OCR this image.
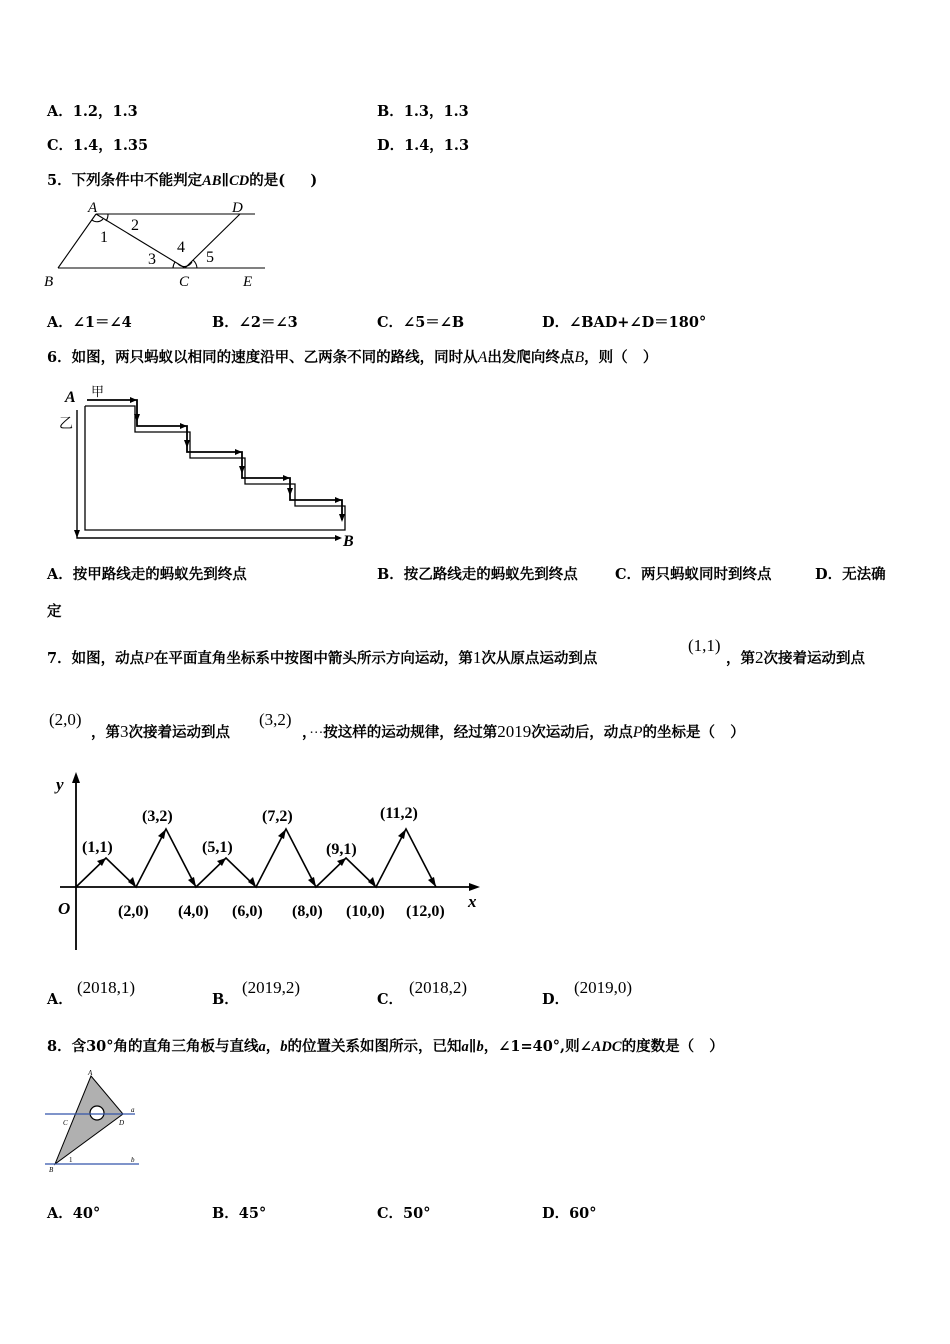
A．1.2，1.3	B．1.3，1.3
C．1.4，1.35	D．1.4，1.3
5．下列条件中不能判定AB∥CD的是( )
A	D
B	C	E
1
2
3
4
5
A．∠1＝∠4	B．∠2＝∠3	C．∠5＝∠B	D．∠BAD+∠D＝180°
6．如图，两只蚂蚁以相同的速度沿甲、乙两条不同的路线，同时从A出发爬向终点B，则（ ）
A 甲
乙
B
A．按甲路线走的蚂蚁先到终点	B．按乙路线走的蚂蚁先到终点	C．两只蚂蚁同时到终点	D．无法确
定
7．如图，动点P在平面直角坐标系中按图中箭头所示方向运动，第1次从原点运动到点
(1,1)
，第2次接着运动到点
(2,0)
，第3次接着运动到点
(3,2)
，···按这样的运动规律，经过第2019次运动后，动点P的坐标是（ ）
y
x
O
(1,1)
(3,2)
(5,1)
(7,2)
(9,1)
(11,2)
(2,0) (4,0) (6,0) (8,0) (10,0) (12,0)
A．
(2018,1)
B．
(2019,2)
C．
(2018,2)
D．
(2019,0)
8．含30°角的直角三角板与直线a，b的位置关系如图所示，已知a∥b，∠1=40°,则∠ADC的度数是（ ）
A
C	D
B
a
b
1
A．40°	B．45°	C．50°	D．60°
